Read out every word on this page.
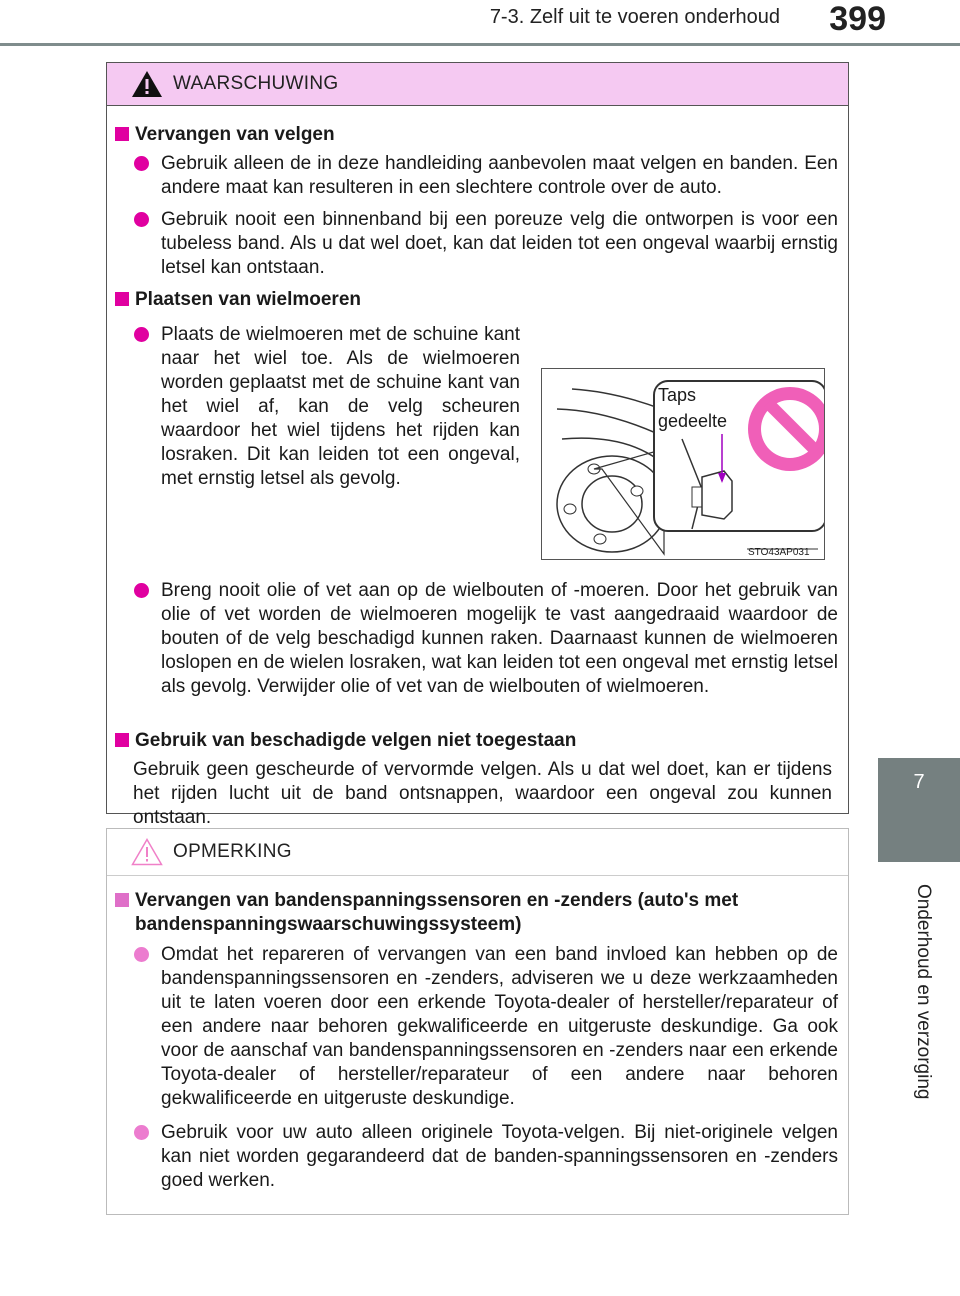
7-3. Zelf uit te voeren onderhoud 399
7
Onderhoud en verzorging
WAARSCHUWING
Vervangen van velgen
Gebruik alleen de in deze handleiding aanbevolen maat velgen en banden. Een andere maat kan resulteren in een slechtere controle over de auto.
Gebruik nooit een binnenband bij een poreuze velg die ontworpen is voor een tubeless band. Als u dat wel doet, kan dat leiden tot een ongeval waarbij ernstig letsel kan ontstaan.
Plaatsen van wielmoeren
Plaats de wielmoeren met de schuine kant naar het wiel toe. Als de wielmoeren worden geplaatst met de schuine kant van het wiel af, kan de velg scheuren waardoor het wiel tijdens het rijden kan losraken. Dit kan leiden tot een ongeval, met ernstig letsel als gevolg.
Taps gedeelte
STO43AP031
Breng nooit olie of vet aan op de wielbouten of -moeren. Door het gebruik van olie of vet worden de wielmoeren mogelijk te vast aangedraaid waardoor de bouten of de velg beschadigd kunnen raken. Daarnaast kunnen de wielmoeren loslopen en de wielen losraken, wat kan leiden tot een ongeval met ernstig letsel als gevolg. Verwijder olie of vet van de wielbouten of wielmoeren.
Gebruik van beschadigde velgen niet toegestaan
Gebruik geen gescheurde of vervormde velgen. Als u dat wel doet, kan er tijdens het rijden lucht uit de band ontsnappen, waardoor een ongeval zou kunnen ontstaan.
OPMERKING
Vervangen van bandenspanningssensoren en -zenders (auto's met bandenspanningswaarschuwingssysteem)
Omdat het repareren of vervangen van een band invloed kan hebben op de bandenspanningssensoren en -zenders, adviseren we u deze werkzaamheden uit te laten voeren door een erkende Toyota-dealer of hersteller/reparateur of een andere naar behoren gekwalificeerde en uitgeruste deskundige. Ga ook voor de aanschaf van bandenspanningssensoren en -zenders naar een erkende Toyota-dealer of hersteller/reparateur of een andere naar behoren gekwalificeerde en uitgeruste deskundige.
Gebruik voor uw auto alleen originele Toyota-velgen. Bij niet-originele velgen kan niet worden gegarandeerd dat de banden-spanningssensoren en -zenders goed werken.
